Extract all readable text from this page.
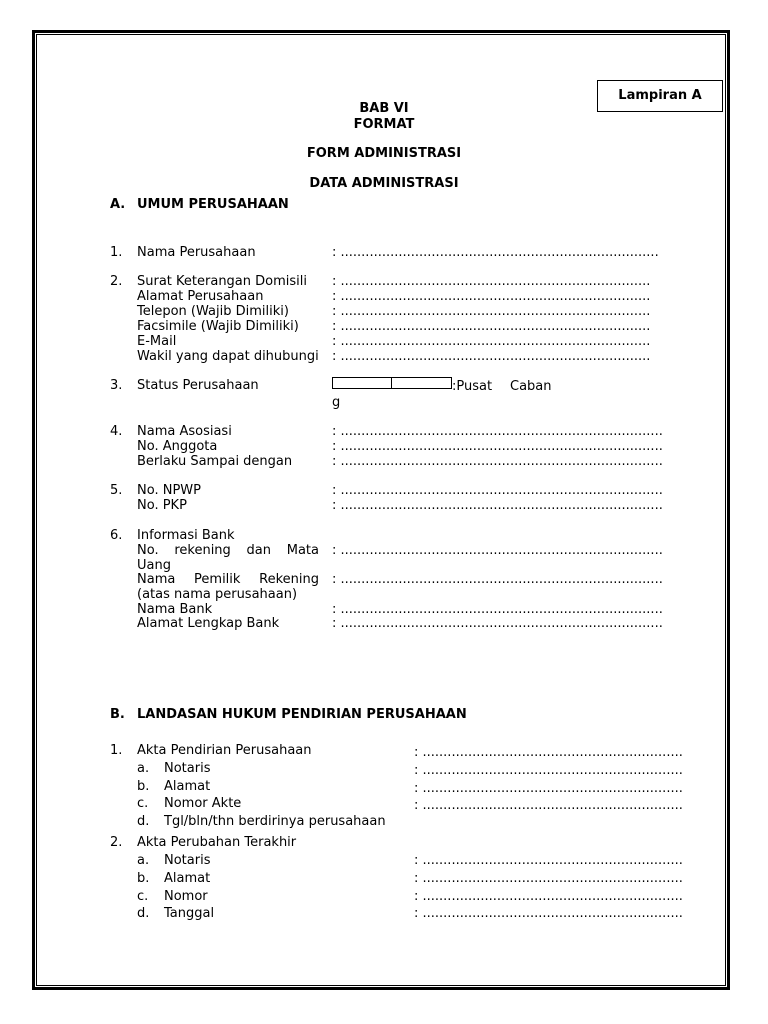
Lampiran A
BAB VI
FORMAT
FORM ADMINISTRASI
DATA ADMINISTRASI
A. UMUM PERUSAHAAN
1. Nama Perusahaan	: .............................................................................
2. Surat Keterangan Domisili : ...........................................................................
Alamat Perusahaan	: ...........................................................................
Telepon (Wajib Dimiliki)	: ...........................................................................
Facsimile (Wajib Dimiliki)	: ...........................................................................
E-Mail	: ...........................................................................
Wakil yang dapat dihubungi : ...........................................................................
3. Status Perusahaan	:Pusat Caban
g
4. Nama Asosiasi	: ..............................................................................
No. Anggota	: ..............................................................................
Berlaku Sampai dengan	: ..............................................................................
5. No. NPWP	: ..............................................................................
No. PKP	: ..............................................................................
6. Informasi Bank
No. rekening dan Mata
Uang
: ..............................................................................
Nama Pemilik Rekening
(atas nama perusahaan)
: ..............................................................................
Nama Bank	: ..............................................................................
Alamat Lengkap Bank	: ..............................................................................
B. LANDASAN HUKUM PENDIRIAN PERUSAHAAN
1. Akta Pendirian Perusahaan	: ...............................................................
a. Notaris	: ...............................................................
b. Alamat	: ...............................................................
c. Nomor Akte	: ...............................................................
d. Tgl/bln/thn berdirinya perusahaan
2. Akta Perubahan Terakhir
a. Notaris	: ...............................................................
b. Alamat	: ...............................................................
c. Nomor	: ...............................................................
d. Tanggal	: ...............................................................
